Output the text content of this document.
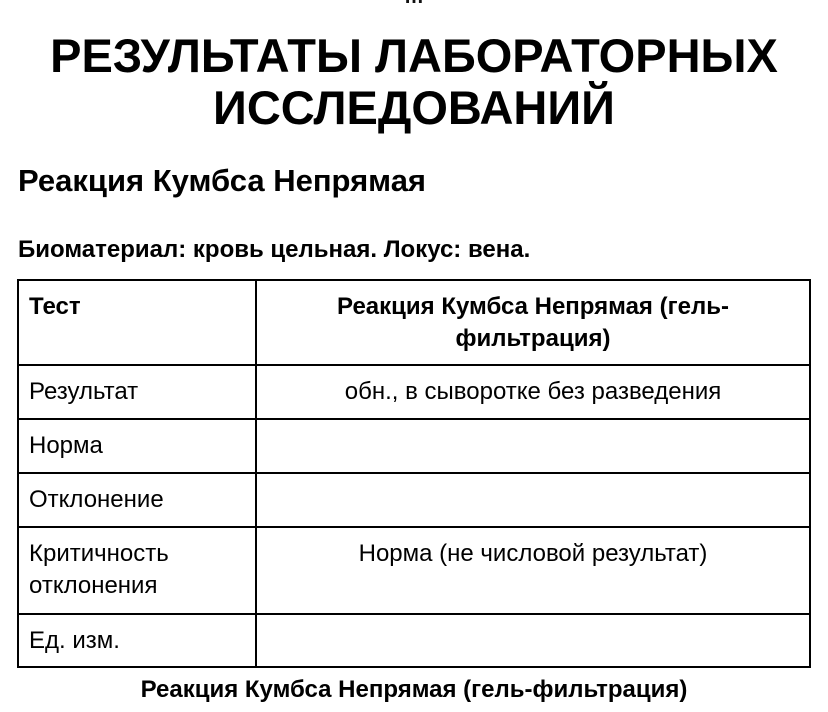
РЕЗУЛЬТАТЫ ЛАБОРАТОРНЫХ ИССЛЕДОВАНИЙ
Реакция Кумбса Непрямая
Биоматериал: кровь цельная. Локус: вена.
Тест	Реакция Кумбса Непрямая (гель-фильтрация)
Результат	обн., в сыворотке без разведения
Норма	
Отклонение	
Критичность отклонения	Норма (не числовой результат)
Ед. изм.	
Реакция Кумбса Непрямая (гель-фильтрация)
